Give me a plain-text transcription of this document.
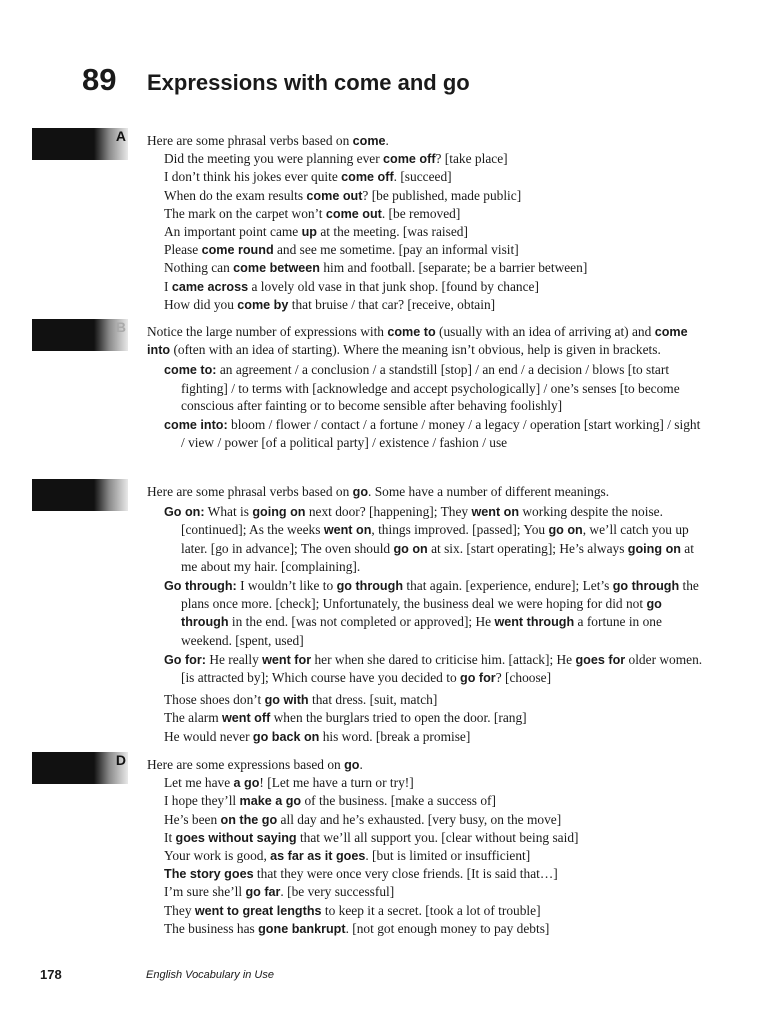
89 Expressions with come and go
A Here are some phrasal verbs based on come.

Did the meeting you were planning ever come off? [take place]

I don’t think his jokes ever quite come off. [succeed]

When do the exam results come out? [be published, made public]

The mark on the carpet won’t come out. [be removed]

An important point came up at the meeting. [was raised]

Please come round and see me sometime. [pay an informal visit]

Nothing can come between him and football. [separate; be a barrier between]

I came across a lovely old vase in that junk shop. [found by chance]

How did you come by that bruise / that car? [receive, obtain]

B Notice the large number of expressions with come to (usually with an idea of arriving at) and come into (often with an idea of starting). Where the meaning isn’t obvious, help is given in brackets.

come to: an agreement / a conclusion / a standstill [stop] / an end / a decision / blows [to start fighting] / to terms with [acknowledge and accept psychologically] / one’s senses [to become conscious after fainting or to become sensible after behaving foolishly]

come into: bloom / flower / contact / a fortune / money / a legacy / operation [start working] / sight / view / power [of a political party] / existence / fashion / use

Here are some phrasal verbs based on go. Some have a number of different meanings.

Go on: What is going on next door? [happening]; They went on working despite the noise. [continued]; As the weeks went on, things improved. [passed]; You go on, we’ll catch you up later. [go in advance]; The oven should go on at six. [start operating]; He’s always going on at me about my hair. [complaining].

Go through: I wouldn’t like to go through that again. [experience, endure]; Let’s go through the plans once more. [check]; Unfortunately, the business deal we were hoping for did not go through in the end. [was not completed or approved]; He went through a fortune in one weekend. [spent, used]

Go for: He really went for her when she dared to criticise him. [attack]; He goes for older women. [is attracted by]; Which course have you decided to go for? [choose]

Those shoes don’t go with that dress. [suit, match]

The alarm went off when the burglars tried to open the door. [rang]

He would never go back on his word. [break a promise]

D Here are some expressions based on go.

Let me have a go! [Let me have a turn or try!]

I hope they’ll make a go of the business. [make a success of]

He’s been on the go all day and he’s exhausted. [very busy, on the move]

It goes without saying that we’ll all support you. [clear without being said]

Your work is good, as far as it goes. [but is limited or insufficient]

The story goes that they were once very close friends. [It is said that…]

I’m sure she’ll go far. [be very successful]

They went to great lengths to keep it a secret. [took a lot of trouble]

The business has gone bankrupt. [not got enough money to pay debts]

178	English Vocabulary in Use
